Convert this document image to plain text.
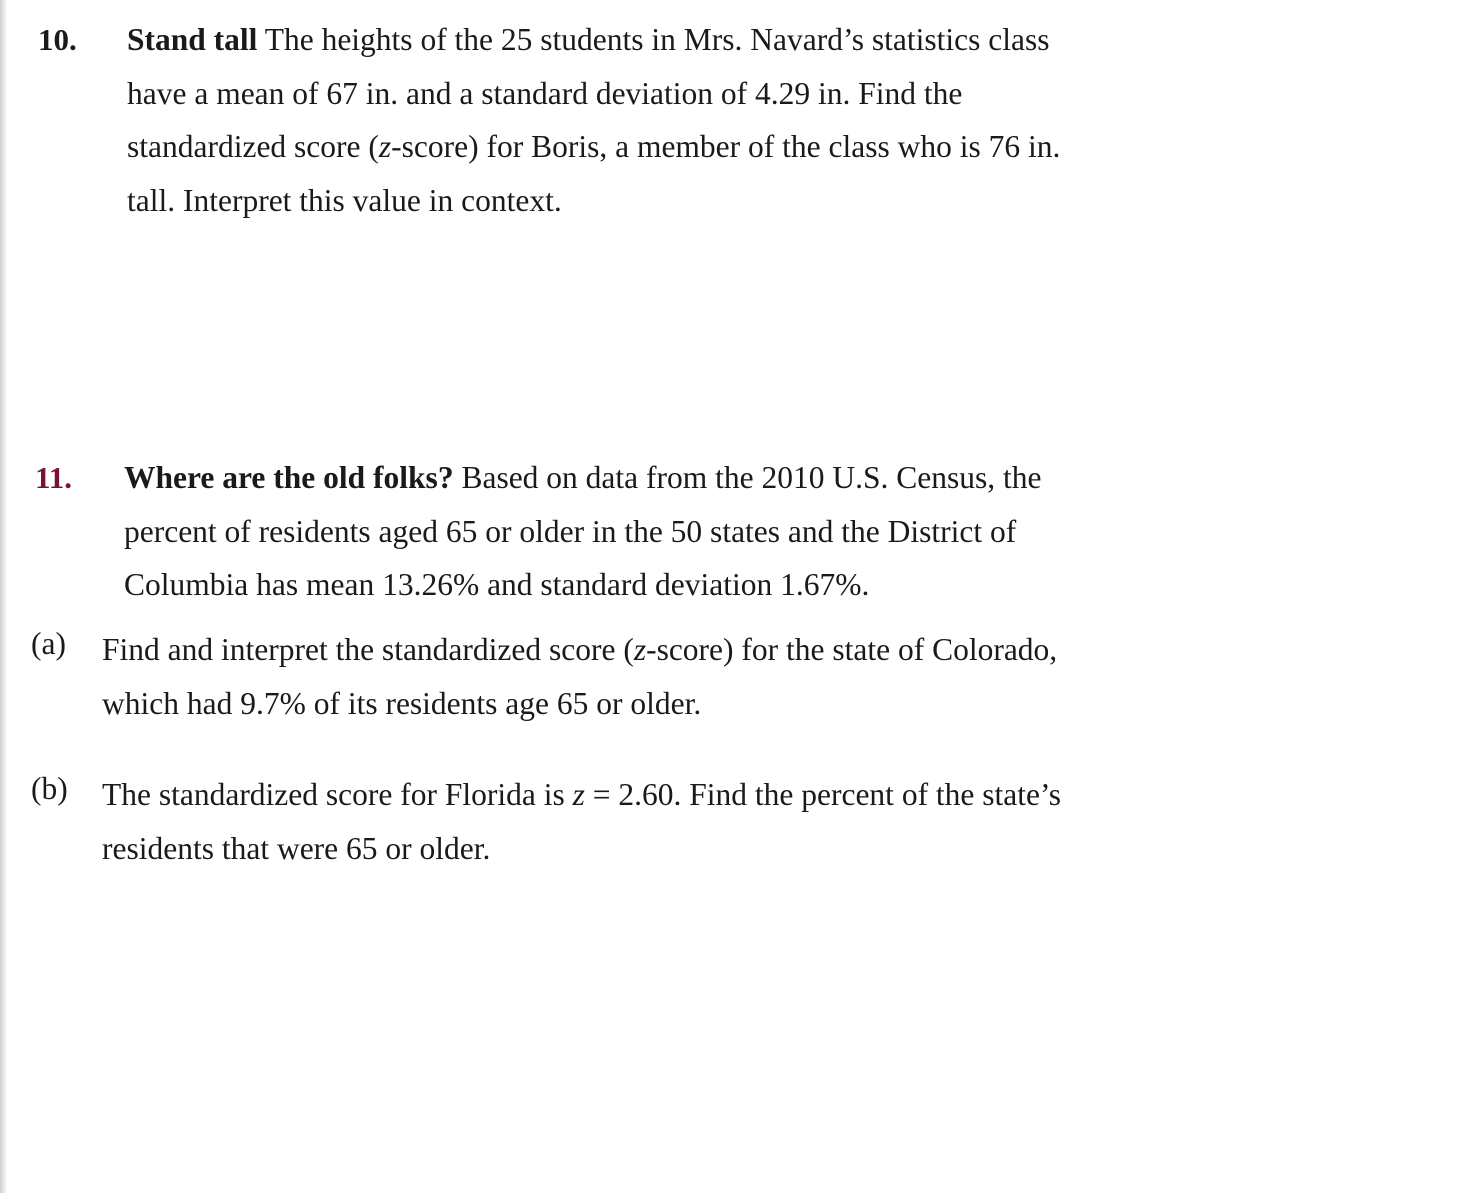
10. Stand tall The heights of the 25 students in Mrs. Navard’s statistics class
have a mean of 67 in. and a standard deviation of 4.29 in. Find the
standardized score (z-score) for Boris, a member of the class who is 76 in.
tall. Interpret this value in context.
11. Where are the old folks? Based on data from the 2010 U.S. Census, the
percent of residents aged 65 or older in the 50 states and the District of
Columbia has mean 13.26% and standard deviation 1.67%.
(a) Find and interpret the standardized score (z-score) for the state of Colorado,
which had 9.7% of its residents age 65 or older.
(b) The standardized score for Florida is z = 2.60. Find the percent of the state’s
residents that were 65 or older.
